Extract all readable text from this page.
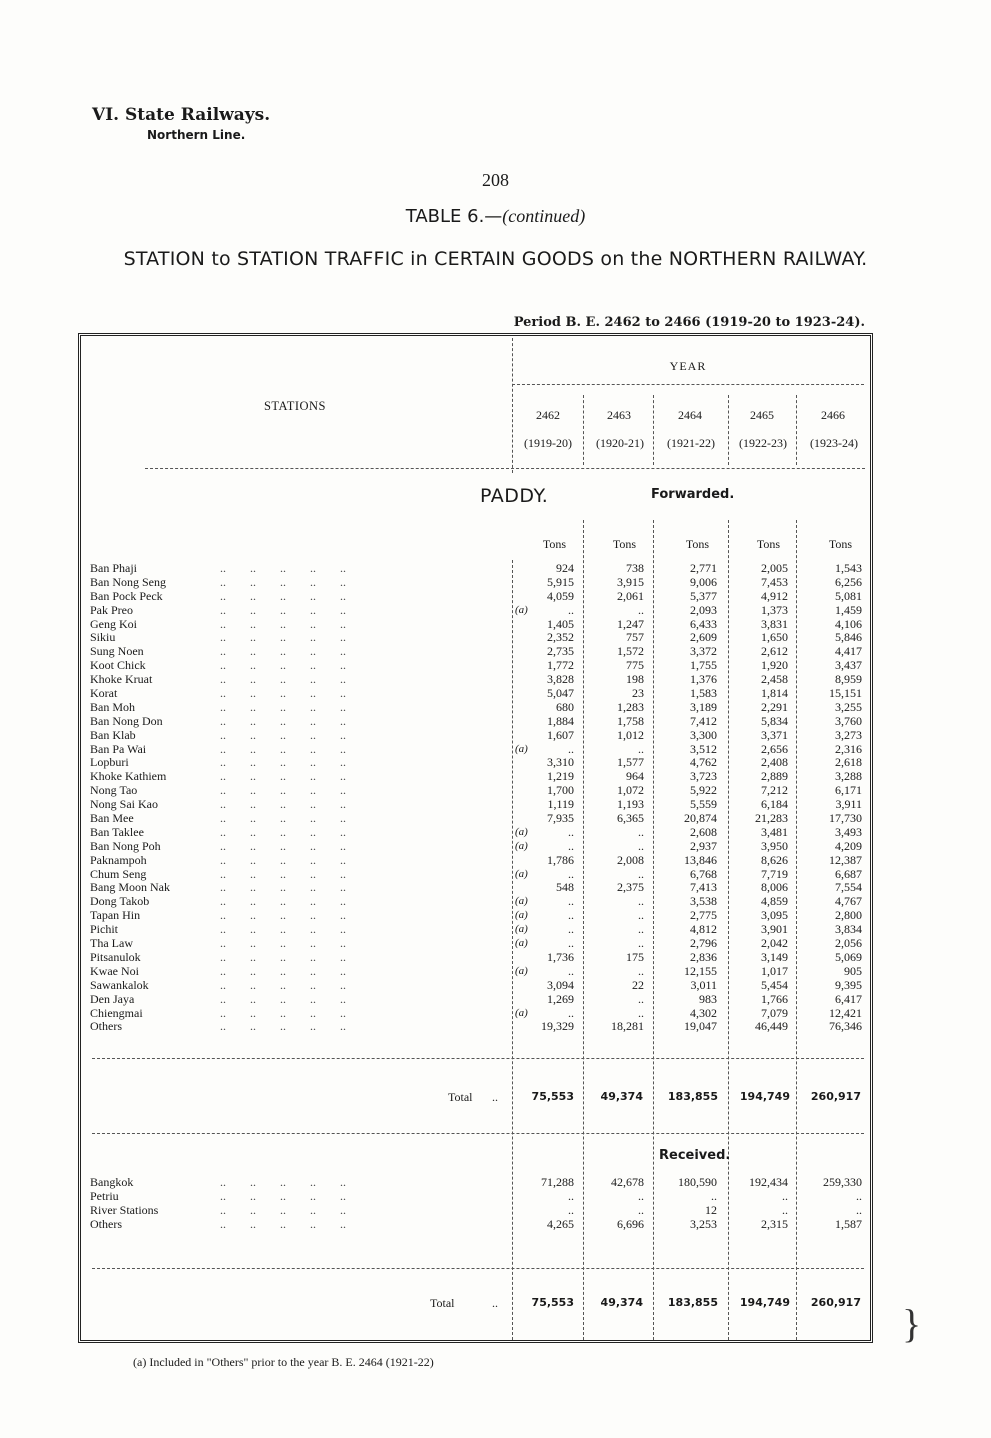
VI. State Railways.
Northern Line.
208
TABLE 6.—(continued)
STATION to STATION TRAFFIC in CERTAIN GOODS on the NORTHERN RAILWAY.
Period B. E. 2462 to 2466 (1919-20 to 1923-24).
YEAR
STATIONS
2462	2463	2464	2465	2466
(1919-20)	(1920-21)	(1921-22)	(1922-23)	(1923-24)
PADDY.	Forwarded.
Tons	Tons	Tons	Tons	Tons
Ban Phaji	..        ..        ..        ..        ..	924	738	2,771	2,005	1,543
Ban Nong Seng	..        ..        ..        ..        ..	5,915	3,915	9,006	7,453	6,256
Ban Pock Peck	..        ..        ..        ..        ..	4,059	2,061	5,377	4,912	5,081
Pak Preo	..        ..        ..        ..        ..	(a)	..	..	2,093	1,373	1,459
Geng Koi	..        ..        ..        ..        ..	1,405	1,247	6,433	3,831	4,106
Sikiu	..        ..        ..        ..        ..	2,352	757	2,609	1,650	5,846
Sung Noen	..        ..        ..        ..        ..	2,735	1,572	3,372	2,612	4,417
Koot Chick	..        ..        ..        ..        ..	1,772	775	1,755	1,920	3,437
Khoke Kruat	..        ..        ..        ..        ..	3,828	198	1,376	2,458	8,959
Korat	..        ..        ..        ..        ..	5,047	23	1,583	1,814	15,151
Ban Moh	..        ..        ..        ..        ..	680	1,283	3,189	2,291	3,255
Ban Nong Don	..        ..        ..        ..        ..	1,884	1,758	7,412	5,834	3,760
Ban Klab	..        ..        ..        ..        ..	1,607	1,012	3,300	3,371	3,273
Ban Pa Wai	..        ..        ..        ..        ..	(a)	..	..	3,512	2,656	2,316
Lopburi	..        ..        ..        ..        ..	3,310	1,577	4,762	2,408	2,618
Khoke Kathiem	..        ..        ..        ..        ..	1,219	964	3,723	2,889	3,288
Nong Tao	..        ..        ..        ..        ..	1,700	1,072	5,922	7,212	6,171
Nong Sai Kao	..        ..        ..        ..        ..	1,119	1,193	5,559	6,184	3,911
Ban Mee	..        ..        ..        ..        ..	7,935	6,365	20,874	21,283	17,730
Ban Taklee	..        ..        ..        ..        ..	(a)	..	..	2,608	3,481	3,493
Ban Nong Poh	..        ..        ..        ..        ..	(a)	..	..	2,937	3,950	4,209
Paknampoh	..        ..        ..        ..        ..	1,786	2,008	13,846	8,626	12,387
Chum Seng	..        ..        ..        ..        ..	(a)	..	..	6,768	7,719	6,687
Bang Moon Nak	..        ..        ..        ..        ..	548	2,375	7,413	8,006	7,554
Dong Takob	..        ..        ..        ..        ..	(a)	..	..	3,538	4,859	4,767
Tapan Hin	..        ..        ..        ..        ..	(a)	..	..	2,775	3,095	2,800
Pichit	..        ..        ..        ..        ..	(a)	..	..	4,812	3,901	3,834
Tha Law	..        ..        ..        ..        ..	(a)	..	..	2,796	2,042	2,056
Pitsanulok	..        ..        ..        ..        ..	1,736	175	2,836	3,149	5,069
Kwae Noi	..        ..        ..        ..        ..	(a)	..	..	12,155	1,017	905
Sawankalok	..        ..        ..        ..        ..	3,094	22	3,011	5,454	9,395
Den Jaya	..        ..        ..        ..        ..	1,269	..	983	1,766	6,417
Chiengmai	..        ..        ..        ..        ..	(a)	..	..	4,302	7,079	12,421
Others	..        ..        ..        ..        ..	19,329	18,281	19,047	46,449	76,346
Total ..	75,553	49,374	183,855	194,749	260,917
Received.
Bangkok	..        ..        ..        ..        ..	71,288	42,678	180,590	192,434	259,330
Petriu	..        ..        ..        ..        ..	..	..	..	..	..
River Stations	..        ..        ..        ..        ..	..	..	12	..	..
Others	..        ..        ..        ..        ..	4,265	6,696	3,253	2,315	1,587
Total	..	75,553	49,374	183,855	194,749	260,917 }
(a) Included in "Others" prior to the year B. E. 2464 (1921-22)
